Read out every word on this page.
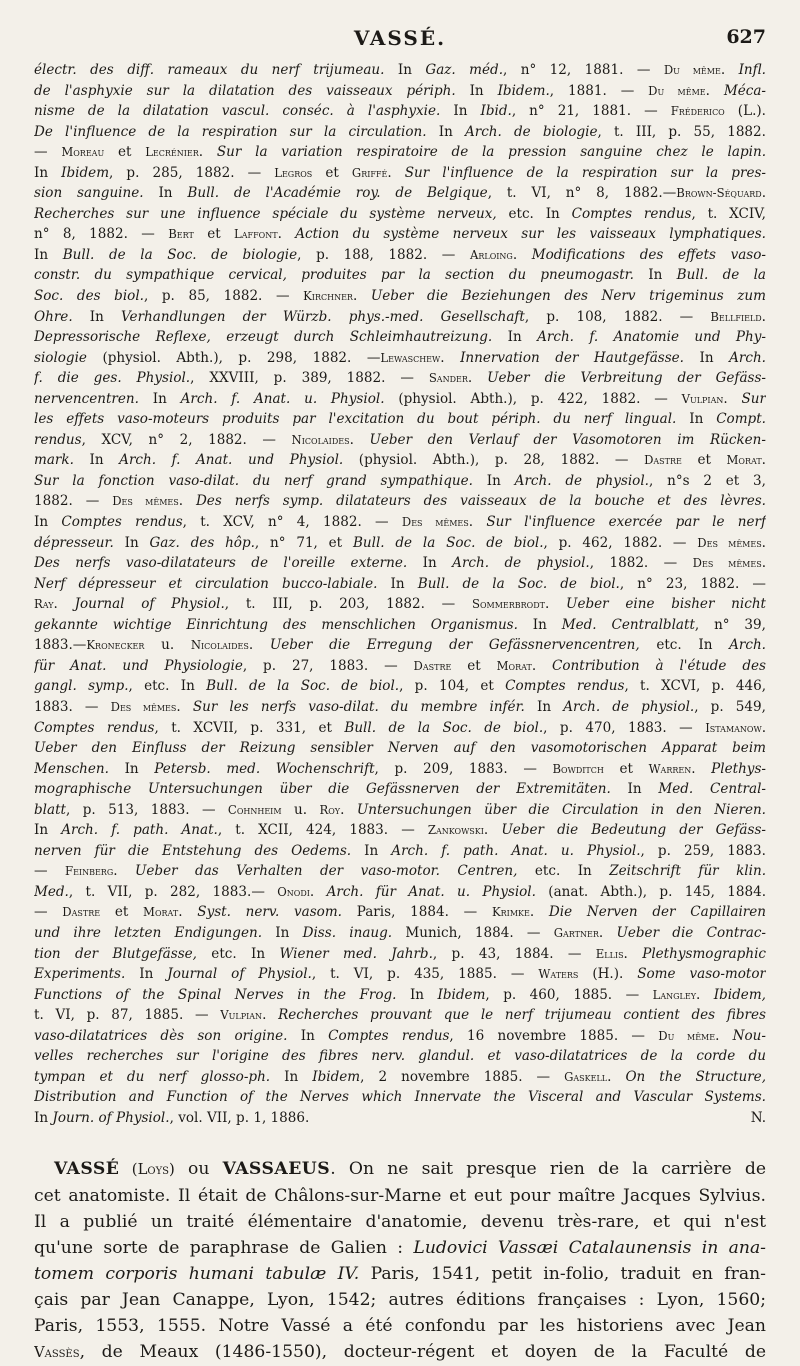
VASSÉ.	627
électr. des diff. rameaux du nerf trijumeau. In Gaz. méd., n° 12, 1881. — Du même. Infl.
de l'asphyxie sur la dilatation des vaisseaux périph. In Ibidem., 1881. — Du même. Méca-
nisme de la dilatation vascul. conséc. à l'asphyxie. In Ibid., n° 21, 1881. — Fréderico (L.).
De l'influence de la respiration sur la circulation. In Arch. de biologie, t. III, p. 55, 1882.
— Moreau et Lecrénier. Sur la variation respiratoire de la pression sanguine chez le lapin.
In Ibidem, p. 285, 1882. — Legros et Griffé. Sur l'influence de la respiration sur la pres-
sion sanguine. In Bull. de l'Académie roy. de Belgique, t. VI, n° 8, 1882.—Brown-Séquard.
Recherches sur une influence spéciale du système nerveux, etc. In Comptes rendus, t. XCIV,
n° 8, 1882. — Bert et Laffont. Action du système nerveux sur les vaisseaux lymphatiques.
In Bull. de la Soc. de biologie, p. 188, 1882. — Arloing. Modifications des effets vaso-
constr. du sympathique cervical, produites par la section du pneumogastr. In Bull. de la
Soc. des biol., p. 85, 1882. — Kirchner. Ueber die Beziehungen des Nerv trigeminus zum
Ohre. In Verhandlungen der Würzb. phys.-med. Gesellschaft, p. 108, 1882. — Bellfield.
Depressorische Reflexe, erzeugt durch Schleimhautreizung. In Arch. f. Anatomie und Phy-
siologie (physiol. Abth.), p. 298, 1882. —Lewaschew. Innervation der Hautgefässe. In Arch.
f. die ges. Physiol., XXVIII, p. 389, 1882. — Sander. Ueber die Verbreitung der Gefäss-
nervencentren. In Arch. f. Anat. u. Physiol. (physiol. Abth.), p. 422, 1882. — Vulpian. Sur
les effets vaso-moteurs produits par l'excitation du bout périph. du nerf lingual. In Compt.
rendus, XCV, n° 2, 1882. — Nicolaides. Ueber den Verlauf der Vasomotoren im Rücken-
mark. In Arch. f. Anat. und Physiol. (physiol. Abth.), p. 28, 1882. — Dastre et Morat.
Sur la fonction vaso-dilat. du nerf grand sympathique. In Arch. de physiol., n°s 2 et 3,
1882. — Des mêmes. Des nerfs symp. dilatateurs des vaisseaux de la bouche et des lèvres.
In Comptes rendus, t. XCV, n° 4, 1882. — Des mêmes. Sur l'influence exercée par le nerf
dépresseur. In Gaz. des hôp., n° 71, et Bull. de la Soc. de biol., p. 462, 1882. — Des mêmes.
Des nerfs vaso-dilatateurs de l'oreille externe. In Arch. de physiol., 1882. — Des mêmes.
Nerf dépresseur et circulation bucco-labiale. In Bull. de la Soc. de biol., n° 23, 1882. —
Ray. Journal of Physiol., t. III, p. 203, 1882. — Sommerbrodt. Ueber eine bisher nicht
gekannte wichtige Einrichtung des menschlichen Organismus. In Med. Centralblatt, n° 39,
1883.—Kronecker u. Nicolaides. Ueber die Erregung der Gefässnervencentren, etc. In Arch.
für Anat. und Physiologie, p. 27, 1883. — Dastre et Morat. Contribution à l'étude des
gangl. symp., etc. In Bull. de la Soc. de biol., p. 104, et Comptes rendus, t. XCVI, p. 446,
1883. — Des mêmes. Sur les nerfs vaso-dilat. du membre infér. In Arch. de physiol., p. 549,
Comptes rendus, t. XCVII, p. 331, et Bull. de la Soc. de biol., p. 470, 1883. — Istamanow.
Ueber den Einfluss der Reizung sensibler Nerven auf den vasomotorischen Apparat beim
Menschen. In Petersb. med. Wochenschrift, p. 209, 1883. — Bowditch et Warren. Plethys-
mographische Untersuchungen über die Gefässnerven der Extremitäten. In Med. Central-
blatt, p. 513, 1883. — Cohnheim u. Roy. Untersuchungen über die Circulation in den Nieren.
In Arch. f. path. Anat., t. XCII, 424, 1883. — Zankowski. Ueber die Bedeutung der Gefäss-
nerven für die Entstehung des Oedems. In Arch. f. path. Anat. u. Physiol., p. 259, 1883.
— Feinberg. Ueber das Verhalten der vaso-motor. Centren, etc. In Zeitschrift für klin.
Med., t. VII, p. 282, 1883.— Onodi. Arch. für Anat. u. Physiol. (anat. Abth.), p. 145, 1884.
— Dastre et Morat. Syst. nerv. vasom. Paris, 1884. — Krimke. Die Nerven der Capillairen
und ihre letzten Endigungen. In Diss. inaug. Munich, 1884. — Gartner. Ueber die Contrac-
tion der Blutgefässe, etc. In Wiener med. Jahrb., p. 43, 1884. — Ellis. Plethysmographic
Experiments. In Journal of Physiol., t. VI, p. 435, 1885. — Waters (H.). Some vaso-motor
Functions of the Spinal Nerves in the Frog. In Ibidem, p. 460, 1885. — Langley. Ibidem,
t. VI, p. 87, 1885. — Vulpian. Recherches prouvant que le nerf trijumeau contient des fibres
vaso-dilatatrices dès son origine. In Comptes rendus, 16 novembre 1885. — Du même. Nou-
velles recherches sur l'origine des fibres nerv. glandul. et vaso-dilatatrices de la corde du
tympan et du nerf glosso-ph. In Ibidem, 2 novembre 1885. — Gaskell. On the Structure,
Distribution and Function of the Nerves which Innervate the Visceral and Vascular Systems.
In Journ. of Physiol., vol. VII, p. 1, 1886.	N.
VASSÉ (Loys) ou VASSAEUS. On ne sait presque rien de la carrière de
cet anatomiste. Il était de Châlons-sur-Marne et eut pour maître Jacques Sylvius.
Il a publié un traité élémentaire d'anatomie, devenu très-rare, et qui n'est
qu'une sorte de paraphrase de Galien : Ludovici Vassæi Catalaunensis in ana-
tomem corporis humani tabulæ IV. Paris, 1541, petit in-folio, traduit en fran-
çais par Jean Canappe, Lyon, 1542; autres éditions françaises : Lyon, 1560;
Paris, 1553, 1555. Notre Vassé a été confondu par les historiens avec Jean
Vassès, de Meaux (1486-1550), docteur-régent et doyen de la Faculté de
